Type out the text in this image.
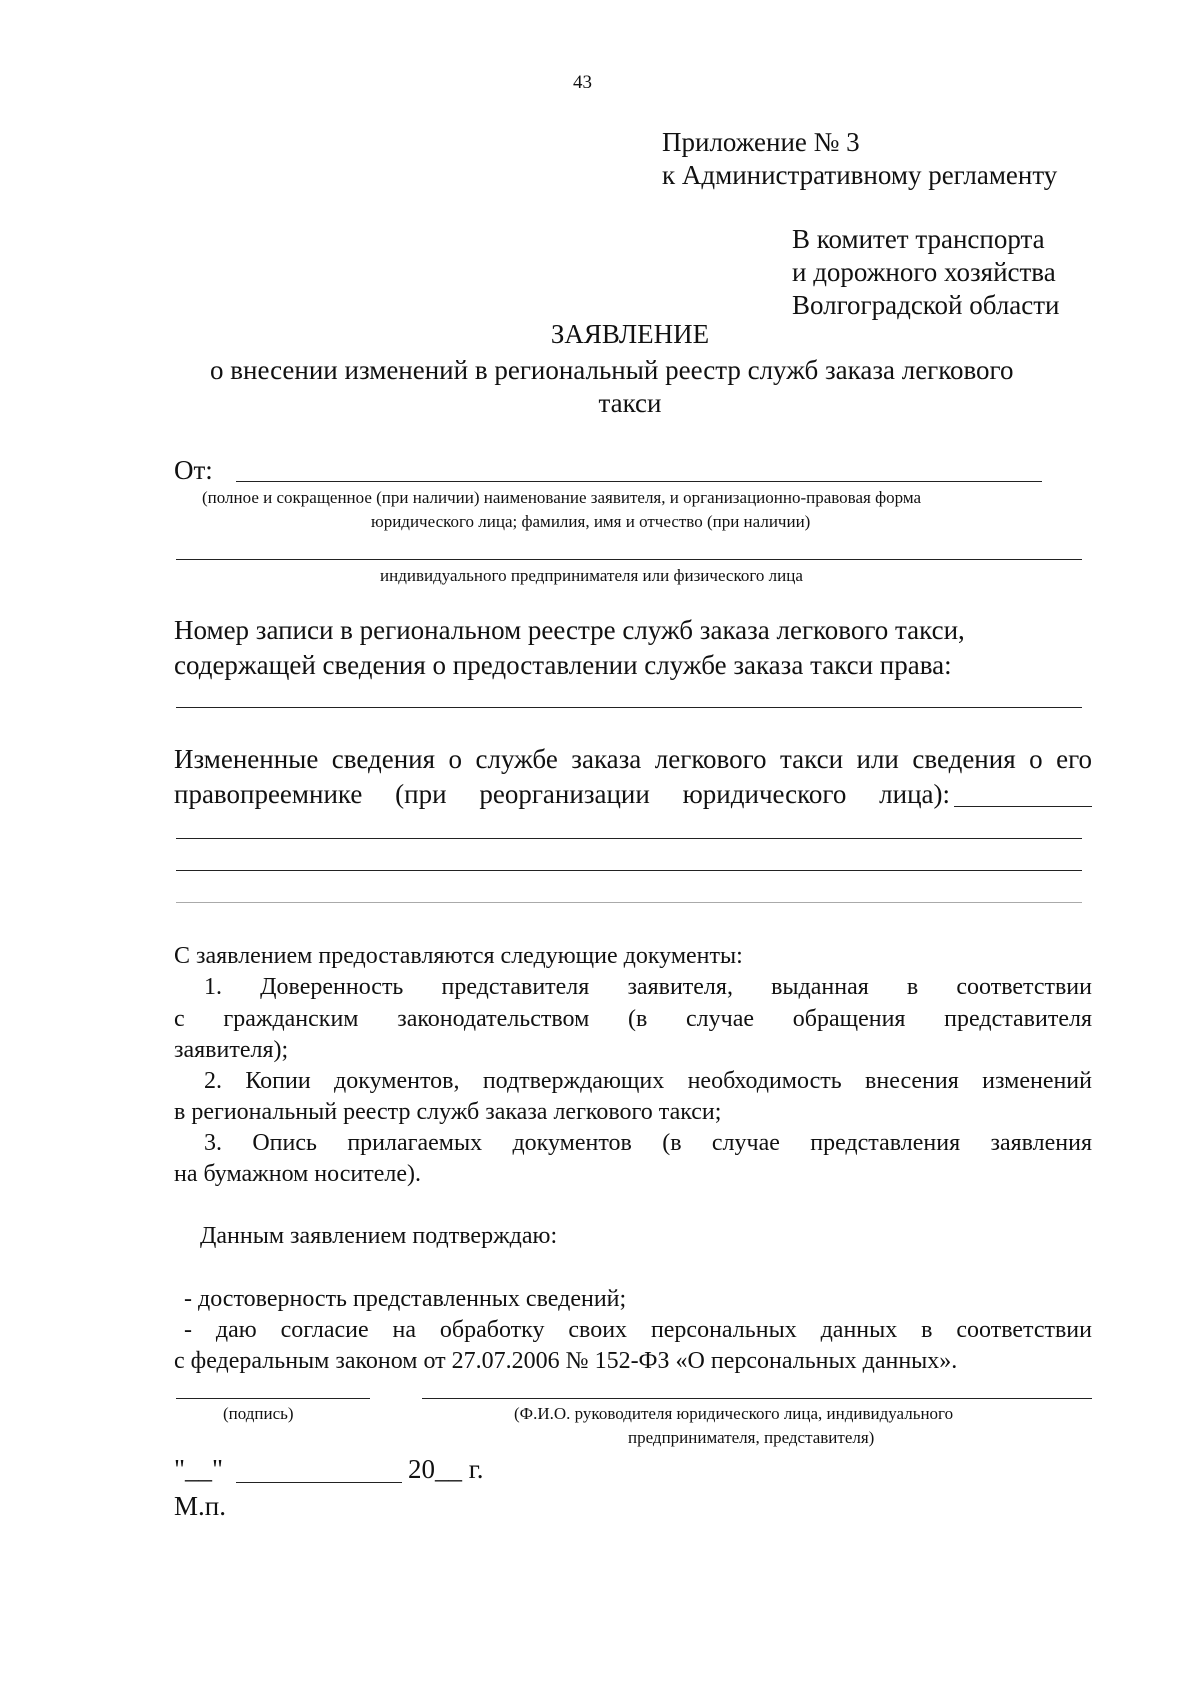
43
Приложение № 3
к Административному регламенту
В комитет транспорта
и дорожного хозяйства
Волгоградской области
ЗАЯВЛЕНИЕ
о внесении изменений в региональный реестр служб заказа легкового
такси
От:
(полное и сокращенное (при наличии) наименование заявителя, и организационно-правовая форма
юридического лица; фамилия, имя и отчество (при наличии)
индивидуального предпринимателя или физического лица
Номер записи в региональном реестре служб заказа легкового такси,
содержащей сведения о предоставлении службе заказа такси права:
Измененные сведения о службе заказа легкового такси или сведения о его
правопреемнике (при реорганизации юридического лица):
С заявлением предоставляются следующие документы:
1. Доверенность представителя заявителя, выданная в соответствии
с гражданским законодательством (в случае обращения представителя
заявителя);
2. Копии документов, подтверждающих необходимость внесения изменений
в региональный реестр служб заказа легкового такси;
3. Опись прилагаемых документов (в случае представления заявления
на бумажном носителе).
Данным заявлением подтверждаю:
- достоверность представленных сведений;
- даю согласие на обработку своих персональных данных в соответствии
с федеральным законом от 27.07.2006 № 152-ФЗ «О персональных данных».
(подпись)	(Ф.И.О. руководителя юридического лица, индивидуального
предпринимателя, представителя)
"__"	20__ г.
М.п.
